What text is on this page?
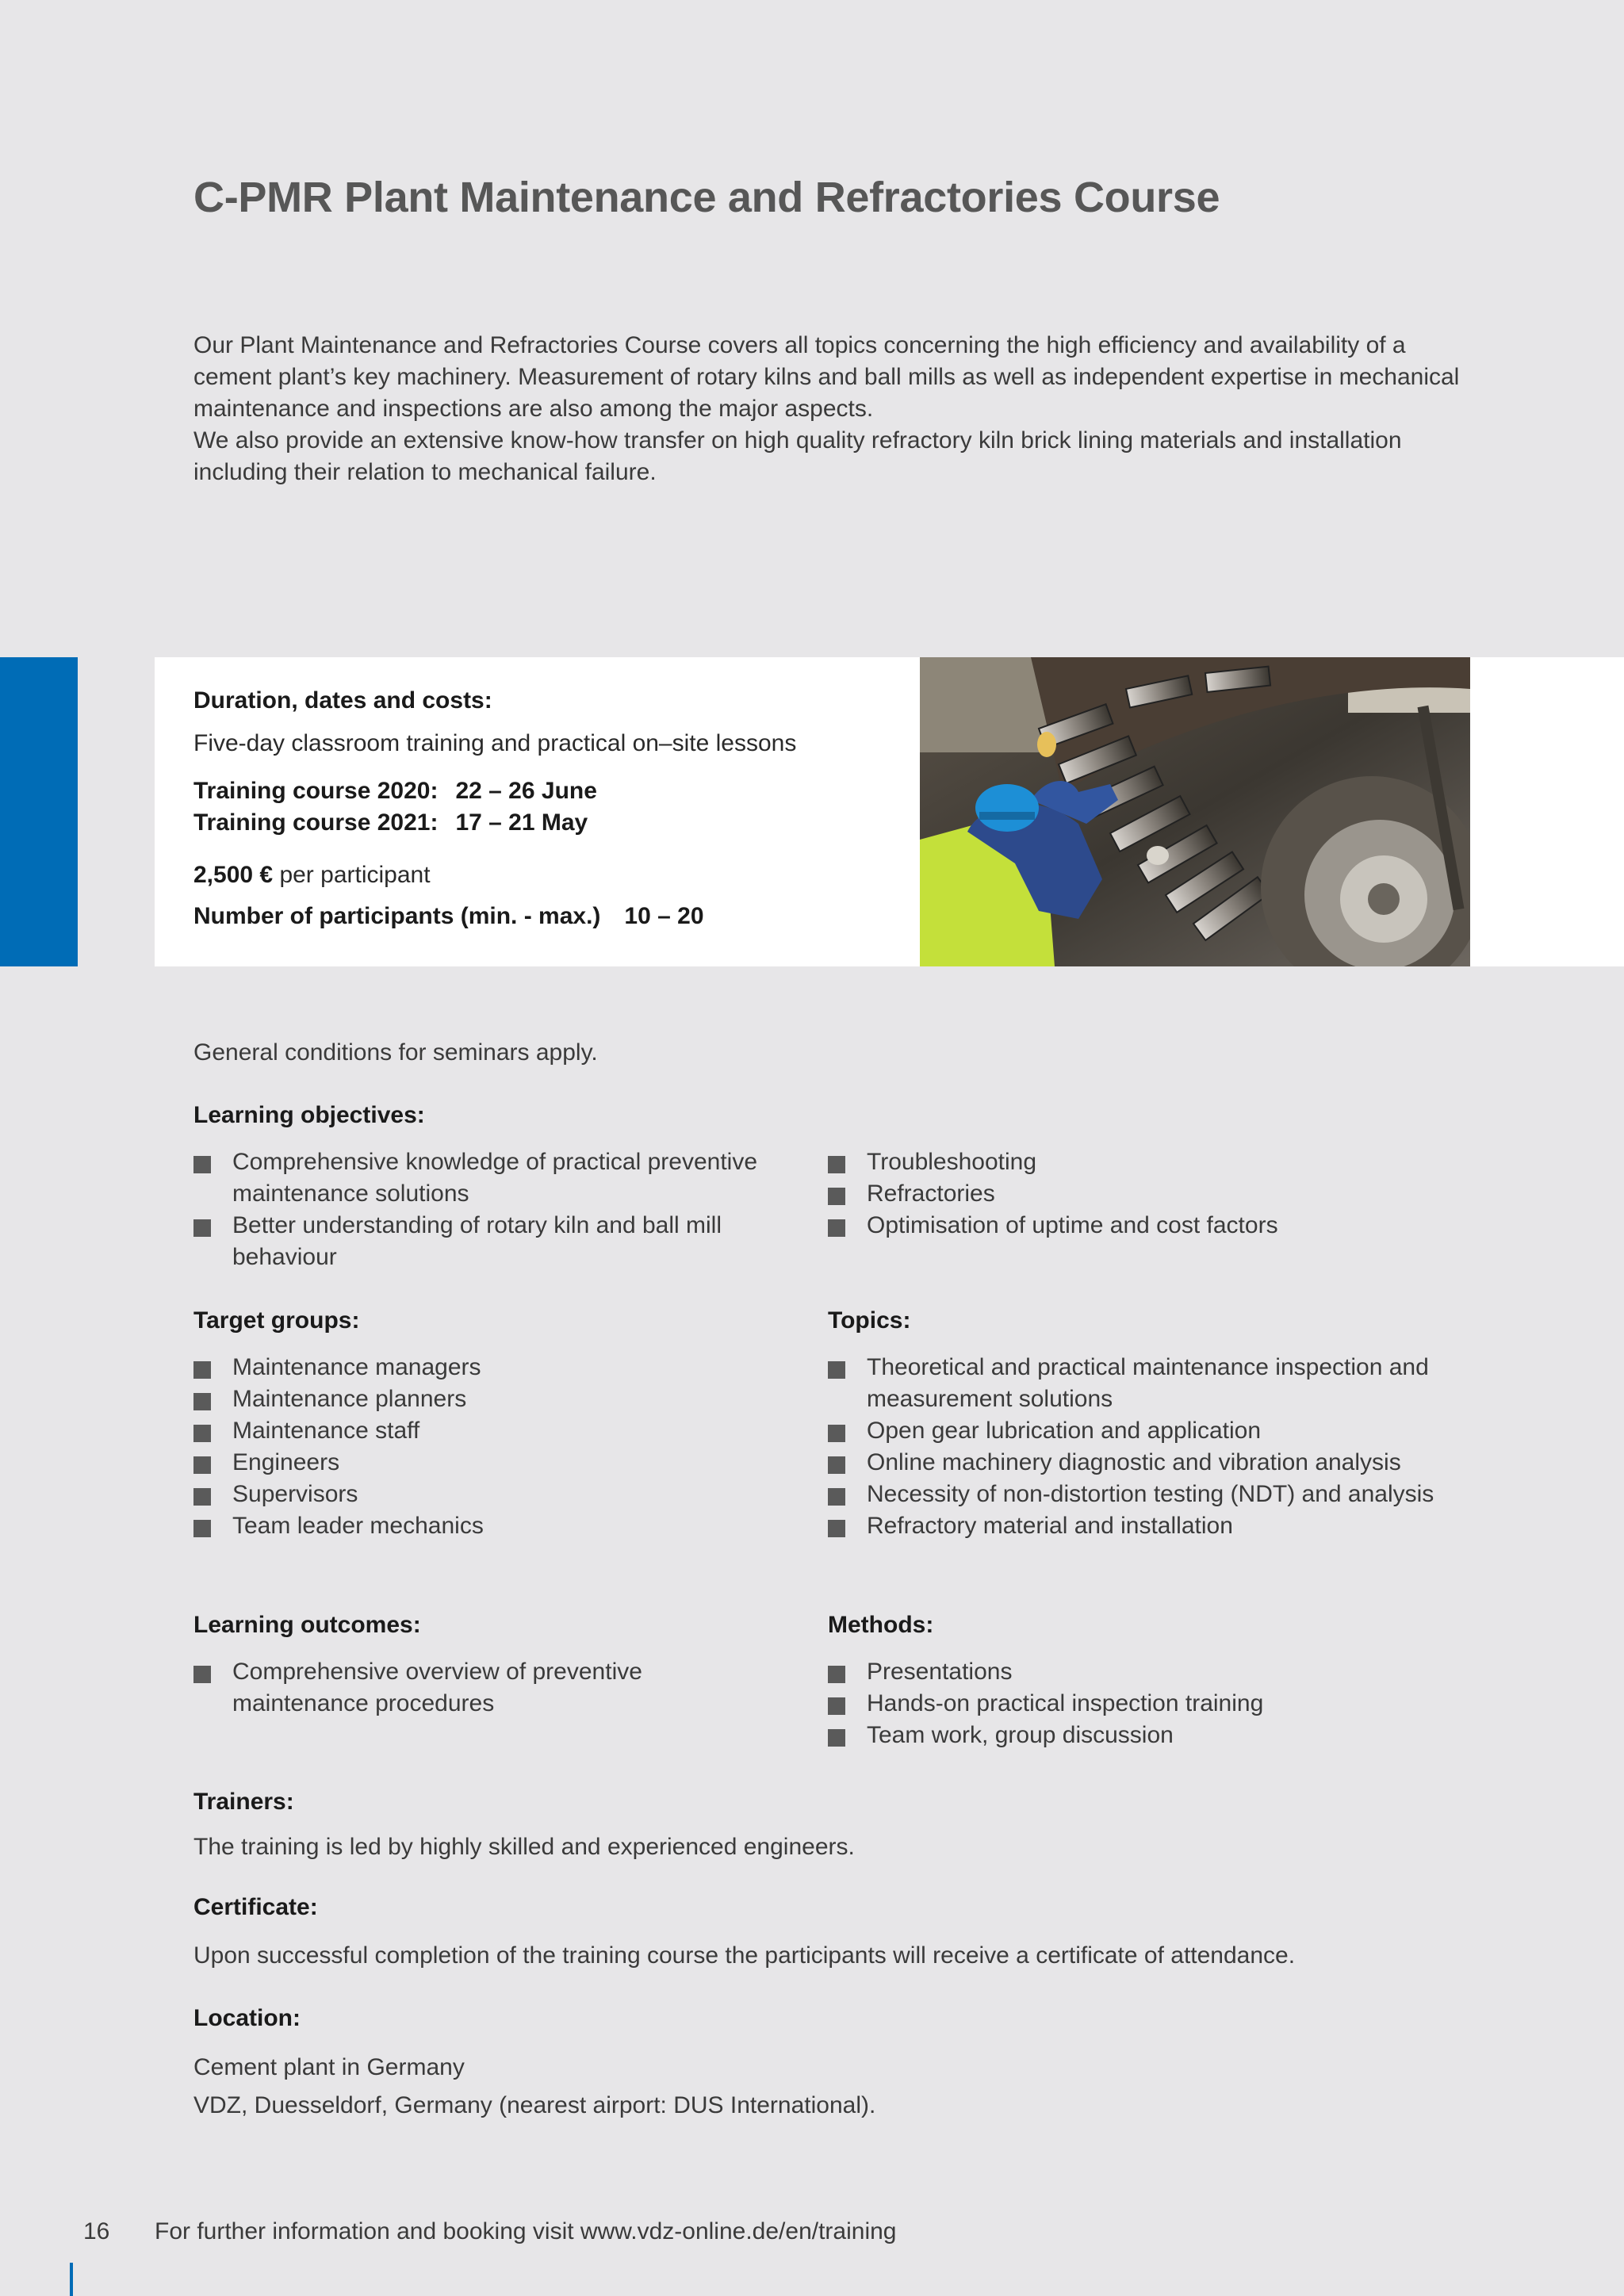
C-PMR Plant Maintenance and Refractories Course

Our Plant Maintenance and Refractories Course covers all topics concerning the high efficiency and availability of a cement plant’s key machinery. Measurement of rotary kilns and ball mills as well as independent expertise in mechanical maintenance and inspections are also among the major aspects.

We also provide an extensive know-how transfer on high quality refractory kiln brick lining materials and installation including their relation to mechanical failure.

Duration, dates and costs:
Five-day classroom training and practical on–site lessons
Training course 2020: 22 – 26 June
Training course 2021: 17 – 21 May
2,500 € per participant
Number of participants (min. - max.) 10 – 20
General conditions for seminars apply.
Learning objectives:
Comprehensive knowledge of practical preventive maintenance solutions
Better understanding of rotary kiln and ball mill behaviour
Troubleshooting
Refractories
Optimisation of uptime and cost factors
Target groups:
Maintenance managers
Maintenance planners
Maintenance staff
Engineers
Supervisors
Team leader mechanics
Topics:
Theoretical and practical maintenance inspection and measurement solutions
Open gear lubrication and application
Online machinery diagnostic and vibration analysis
Necessity of non-distortion testing (NDT) and analysis
Refractory material and installation
Learning outcomes:
Comprehensive overview of preventive maintenance procedures
Methods:
Presentations
Hands-on practical inspection training
Team work, group discussion
Trainers:
The training is led by highly skilled and experienced engineers.
Certificate:
Upon successful completion of the training course the participants will receive a certificate of attendance.
Location:
Cement plant in Germany
VDZ, Duesseldorf, Germany (nearest airport: DUS International).
16 For further information and booking visit www.vdz-online.de/en/training
